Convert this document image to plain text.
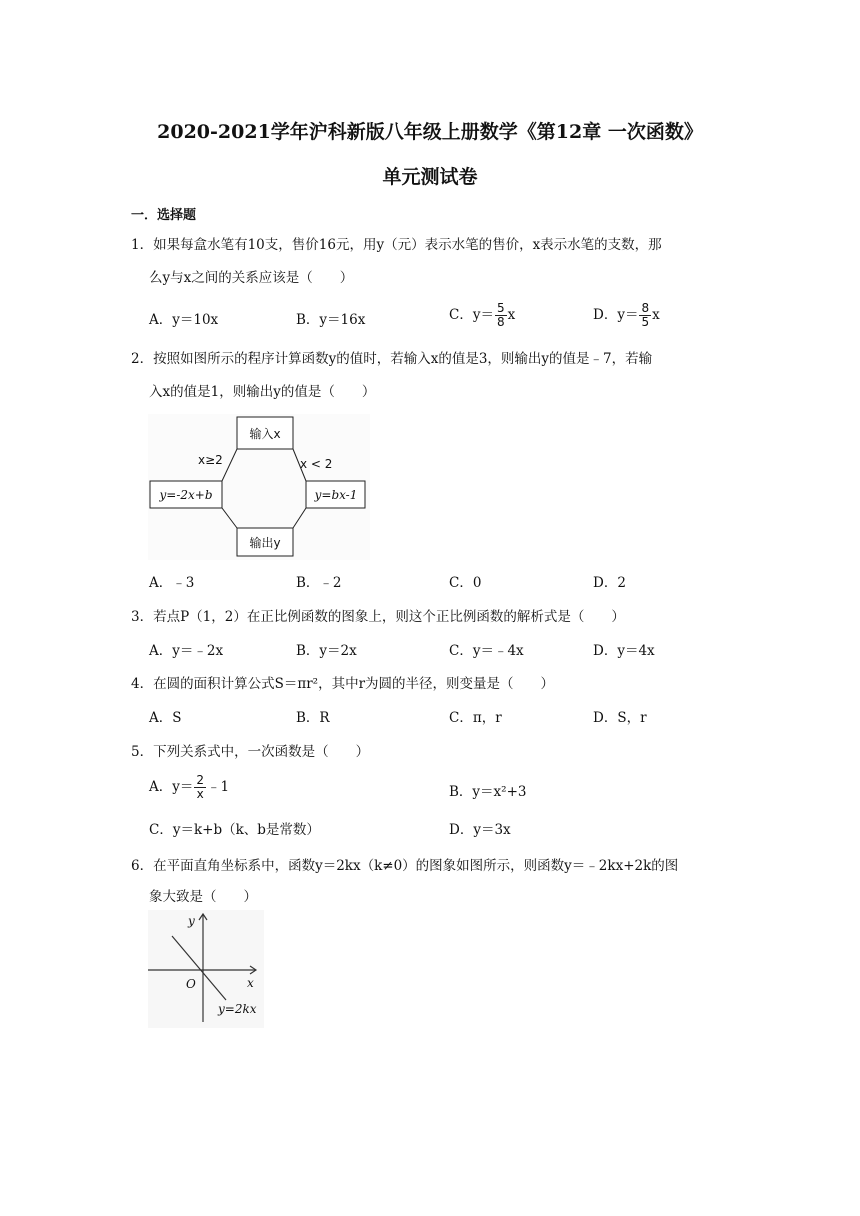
2020-2021学年沪科新版八年级上册数学《第12章 一次函数》
单元测试卷
一．选择题
1．如果每盒水笔有10支，售价16元，用y（元）表示水笔的售价，x表示水笔的支数，那
么y与x之间的关系应该是（　　）
A．y＝10x	B．y＝16x	C．$y= \frac{5}{8}$ x	D．$y= \frac{8}{5}$ x
2．按照如图所示的程序计算函数y的值时，若输入x的值是3，则输出y的值是﹣7，若输
入x的值是1，则输出y的值是（　　）
输入x
输出y
x≥2	x < 2
y=-2x+b	y=bx-1
A．﹣3	B．﹣2	C．0	D．2
3．若点P（1，2）在正比例函数的图象上，则这个正比例函数的解析式是（　　）
A．y＝﹣2x	B．y＝2x	C．y＝﹣4x	D．y＝4x
4．在圆的面积计算公式S＝πr²，其中r为圆的半径，则变量是（　　）
A．S	B．R	C．π，r	D．S，r
5．下列关系式中，一次函数是（　　）
A．$y= \frac{2}{x}$ ﹣1	B．y＝x²+3
C．y＝k+b（k、b是常数）	D．y＝3x
6．在平面直角坐标系中，函数y＝2kx（k≠0）的图象如图所示，则函数y＝﹣2kx+2k的图
象大致是（　　）
y
x
O
y=2kx
